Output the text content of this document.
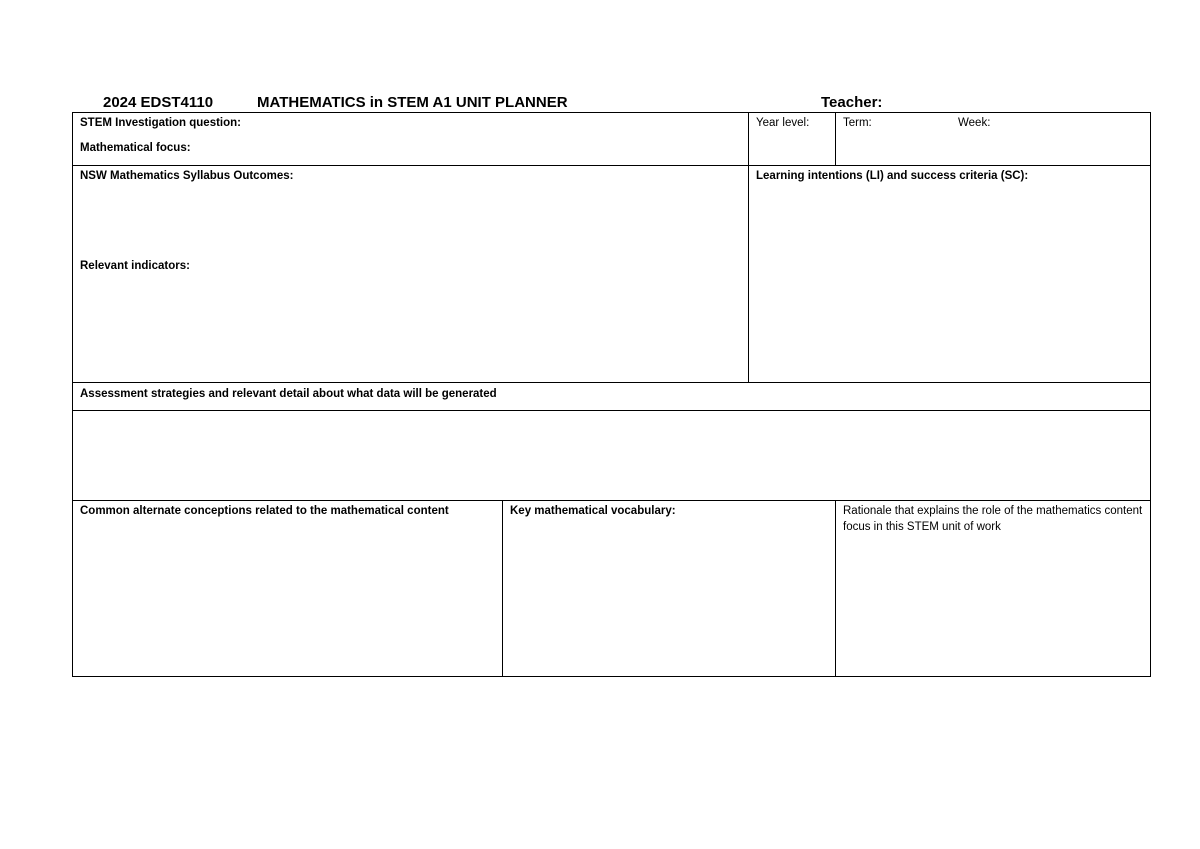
2024 EDST4110	MATHEMATICS in STEM A1 UNIT PLANNER	Teacher:
STEM Investigation question:
Mathematical focus:
Year level:	Term:	Week:
NSW Mathematics Syllabus Outcomes:
Relevant indicators:
Learning intentions (LI) and success criteria (SC):
Assessment strategies and relevant detail about what data will be generated
Common alternate conceptions related to the mathematical content	Key mathematical vocabulary:	Rationale that explains the role of the mathematics content focus in this STEM unit of work
